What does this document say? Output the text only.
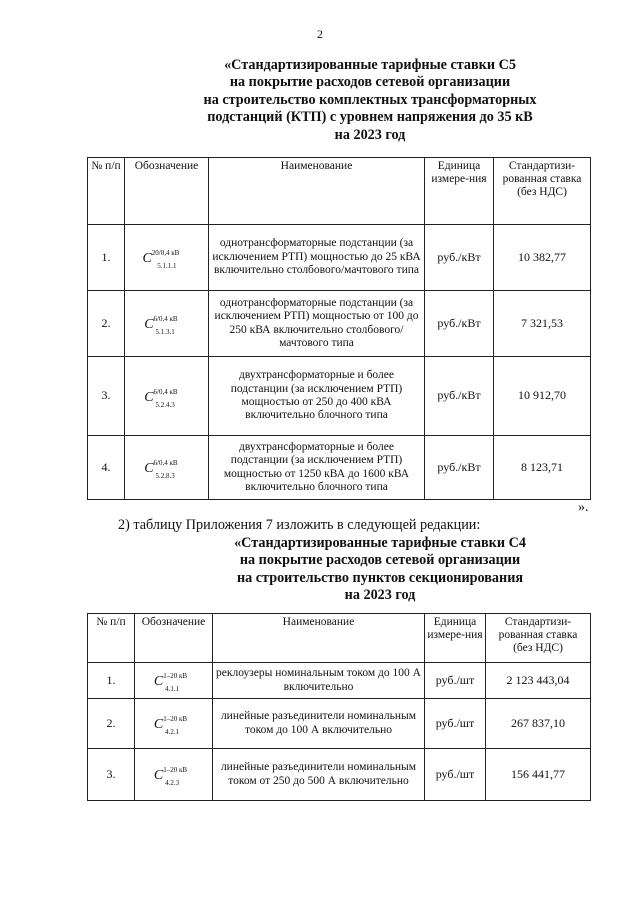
2
«Стандартизированные тарифные ставки С5
на покрытие расходов сетевой организации
на строительство комплектных трансформаторных
подстанций (КТП) с уровнем напряжения до 35 кВ
на 2023 год
№ п/п	Обозначение	Наименование	Единица измере-ния	Стандартизи-рованная ставка (без НДС)
1.	$C^{20/0,4 кВ}_{5.1.1.1}$	однотрансформаторные подстанции (за исключением РТП) мощностью до 25 кВА включительно столбового/мачтового типа	руб./кВт	10 382,77
2.	$C^{6/0,4 кВ}_{5.1.3.1}$	однотрансформаторные подстанции (за исключением РТП) мощностью от 100 до 250 кВА включительно столбового/мачтового типа	руб./кВт	7 321,53
3.	$C^{6/0,4 кВ}_{5.2.4.3}$	двухтрансформаторные и более подстанции (за исключением РТП) мощностью от 250 до 400 кВА включительно блочного типа	руб./кВт	10 912,70
4.	$C^{6/0,4 кВ}_{5.2.8.3}$	двухтрансформаторные и более подстанции (за исключением РТП) мощностью от 1250 кВА до 1600 кВА включительно блочного типа	руб./кВт	8 123,71
».
2) таблицу Приложения 7 изложить в следующей редакции:
«Стандартизированные тарифные ставки С4
на покрытие расходов сетевой организации
на строительство пунктов секционирования
на 2023 год
№ п/п	Обозначение	Наименование	Единица измере-ния	Стандартизи-рованная ставка (без НДС)
1.	$C^{1-20 кВ}_{4.1.1}$	реклоузеры номинальным током до 100 А включительно	руб./шт	2 123 443,04
2.	$C^{1-20 кВ}_{4.2.1}$	линейные разъединители номинальным током до 100 А включительно	руб./шт	267 837,10
3.	$C^{1-20 кВ}_{4.2.3}$	линейные разъединители номинальным током от 250 до 500 А включительно	руб./шт	156 441,77
